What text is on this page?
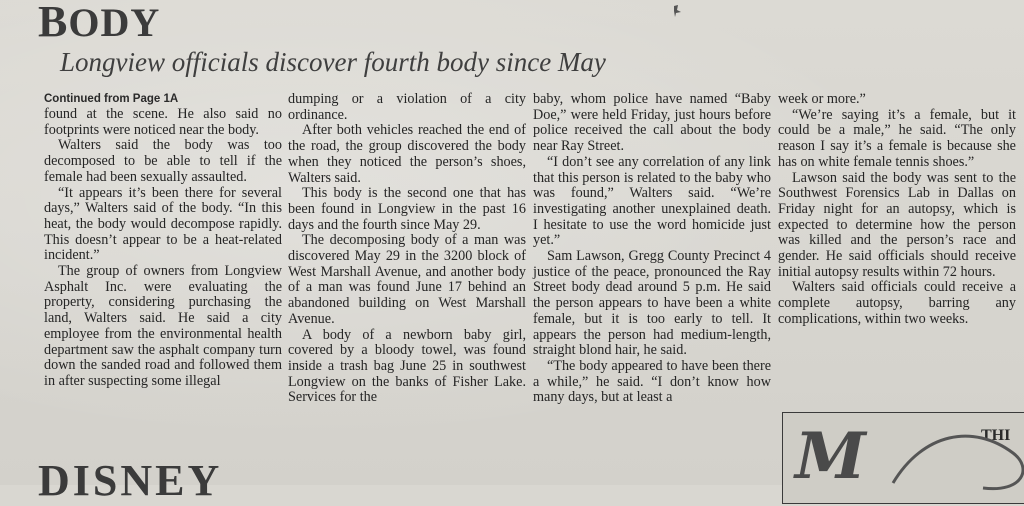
BODY
Longview officials discover fourth body since May
Continued from Page 1A

found at the scene. He also said no footprints were noticed near the body.

Walters said the body was too decomposed to be able to tell if the female had been sexually assaulted.

“It appears it’s been there for several days,” Walters said of the body. “In this heat, the body would decompose rapidly. This doesn’t appear to be a heat-related incident.”

The group of owners from Longview Asphalt Inc. were evaluating the property, considering purchasing the land, Walters said. He said a city employee from the environmental health department saw the asphalt company turn down the sanded road and followed them in after suspecting some illegal

dumping or a violation of a city ordinance.

After both vehicles reached the end of the road, the group discovered the body when they noticed the person’s shoes, Walters said.

This body is the second one that has been found in Longview in the past 16 days and the fourth since May 29.

The decomposing body of a man was discovered May 29 in the 3200 block of West Marshall Avenue, and another body of a man was found June 17 behind an abandoned building on West Marshall Avenue.

A body of a newborn baby girl, covered by a bloody towel, was found inside a trash bag June 25 in southwest Longview on the banks of Fisher Lake. Services for the

baby, whom police have named “Baby Doe,” were held Friday, just hours before police received the call about the body near Ray Street.

“I don’t see any correlation of any link that this person is related to the baby who was found,” Walters said. “We’re investigating another unexplained death. I hesitate to use the word homicide just yet.”

Sam Lawson, Gregg County Precinct 4 justice of the peace, pronounced the Ray Street body dead around 5 p.m. He said the person appears to have been a white female, but it is too early to tell. It appears the person had medium-length, straight blond hair, he said.

“The body appeared to have been there a while,” he said. “I don’t know how many days, but at least a

week or more.”

“We’re saying it’s a female, but it could be a male,” he said. “The only reason I say it’s a female is because she has on white female tennis shoes.”

Lawson said the body was sent to the Southwest Forensics Lab in Dallas on Friday night for an autopsy, which is expected to determine how the person was killed and the person’s race and gender. He said officials should receive initial autopsy results within 72 hours.

Walters said officials could receive a complete autopsy, barring any complications, within two weeks.

DISNEY	M	THI
